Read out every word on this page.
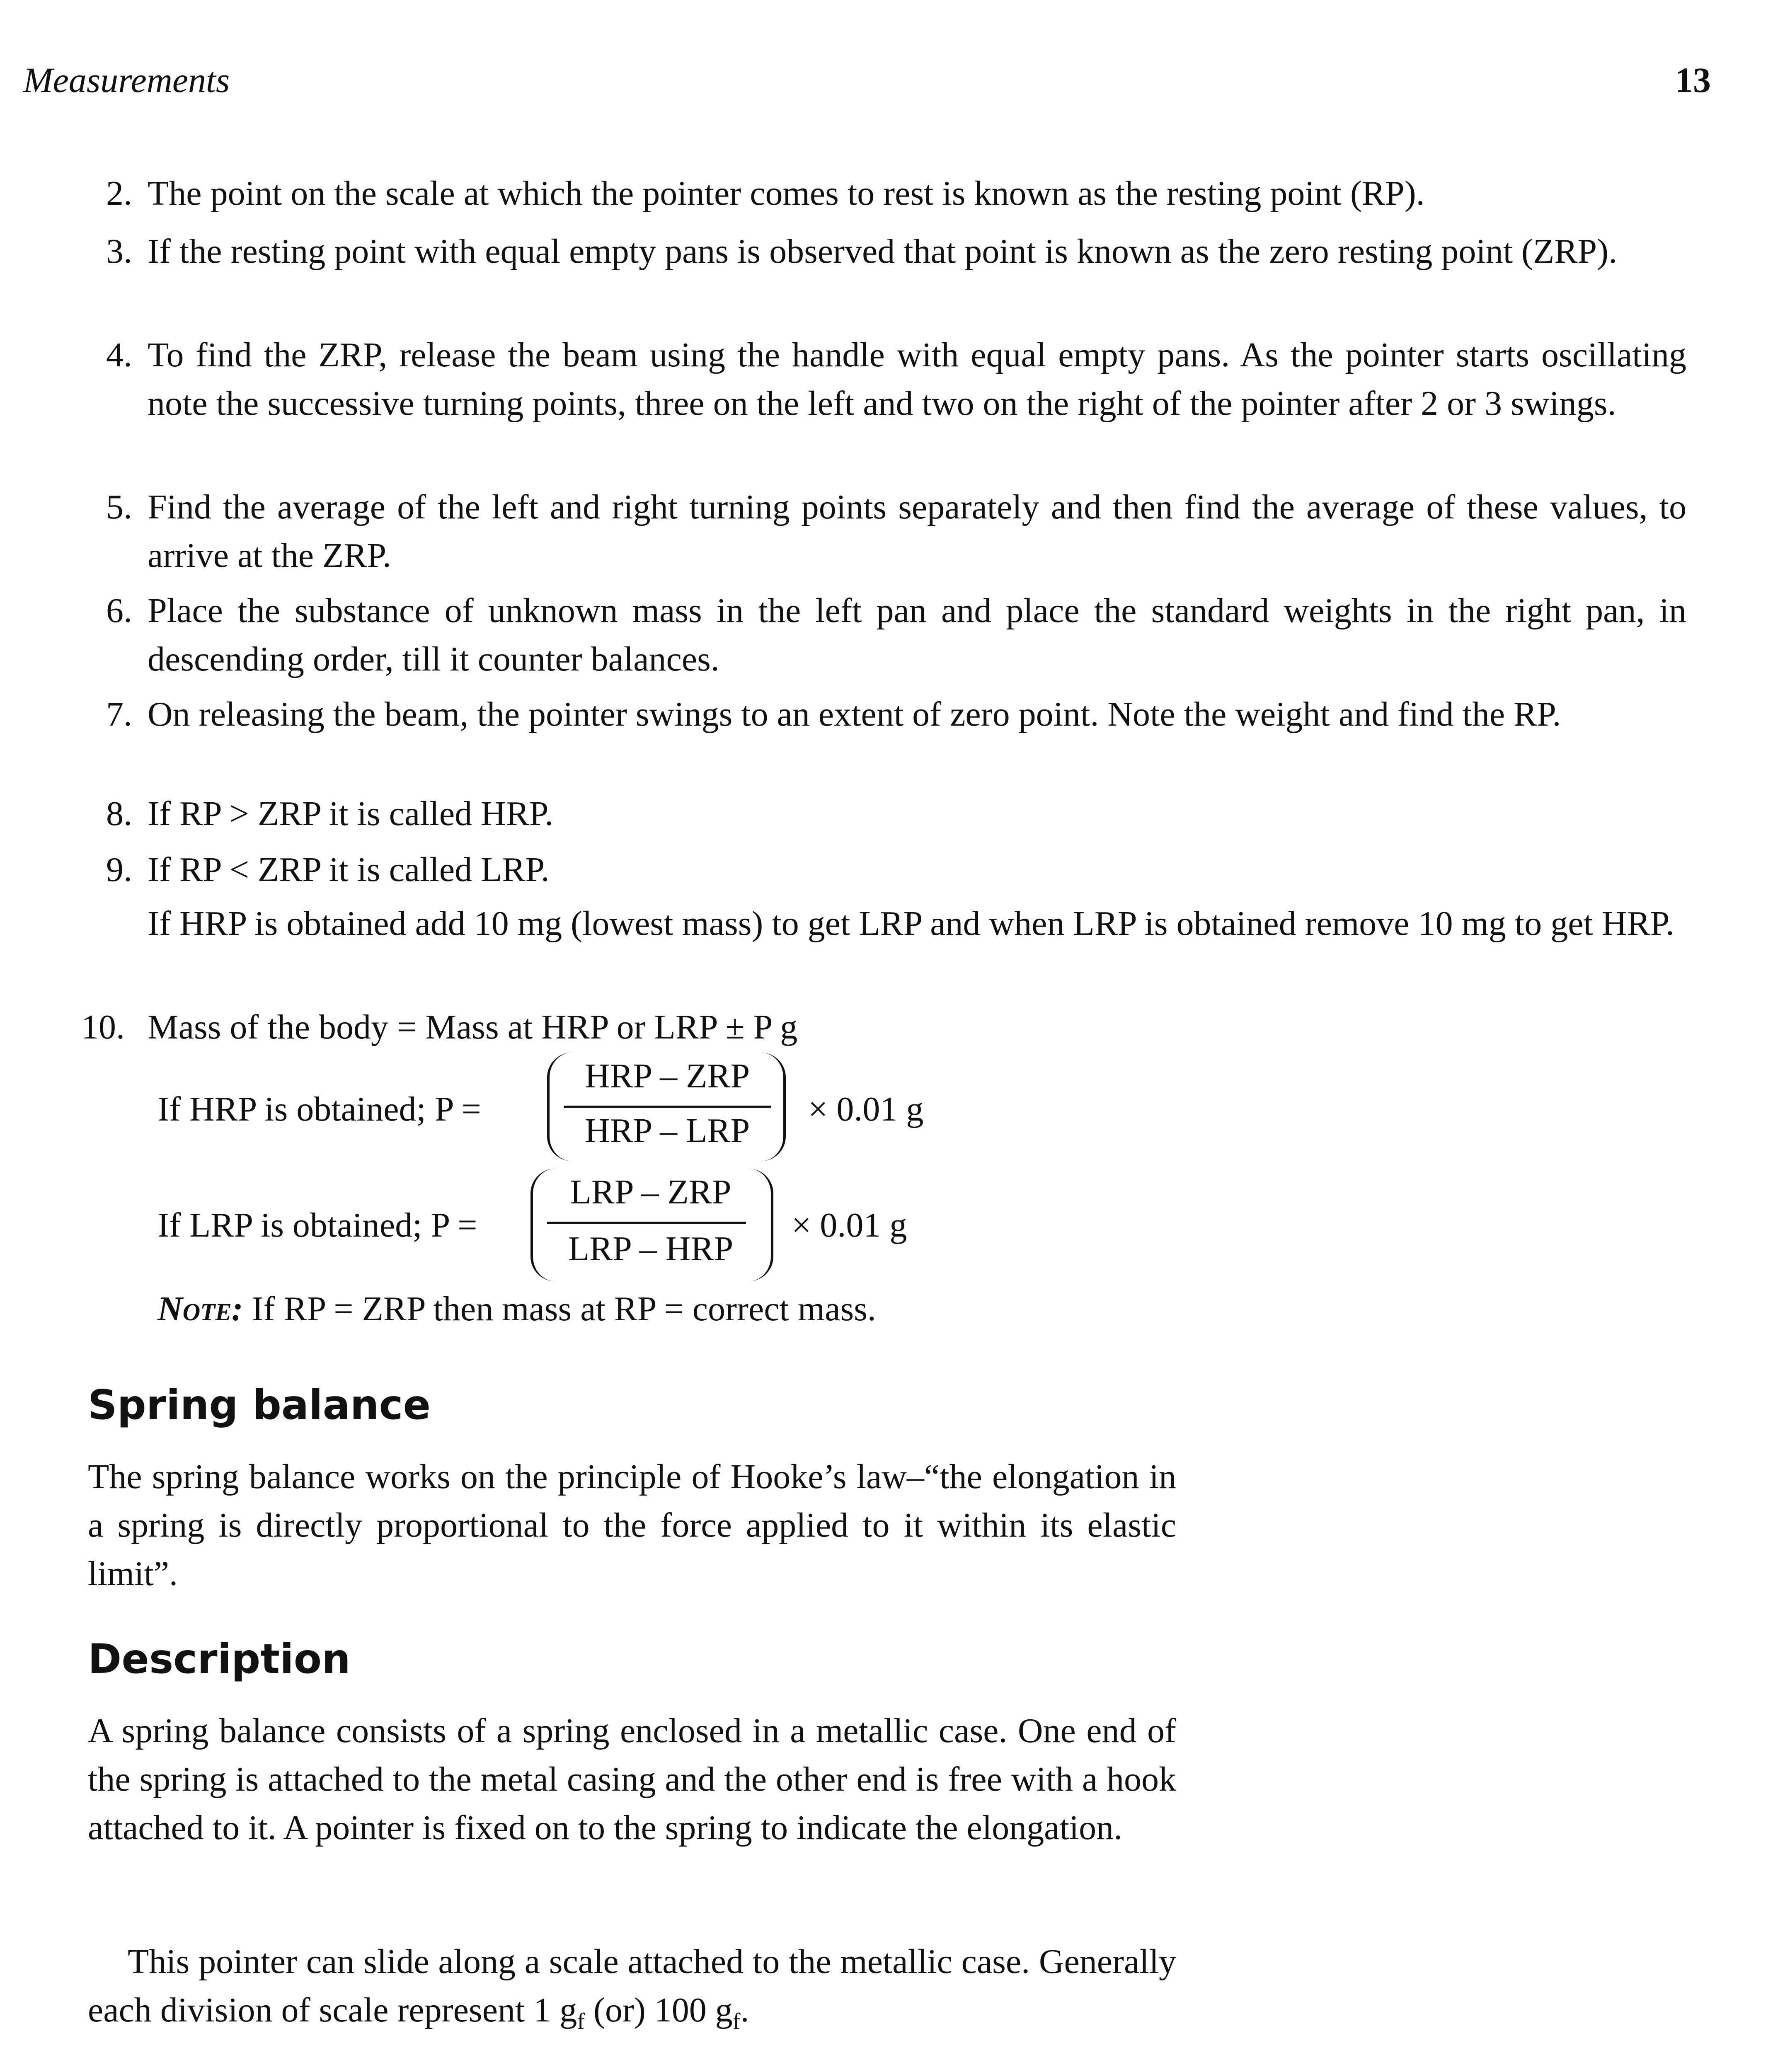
Measurements	13
2. The point on the scale at which the pointer comes to rest is known as the resting point (RP).
3. If the resting point with equal empty pans is observed that point is known as the zero resting point (ZRP).
4. To find the ZRP, release the beam using the handle with equal empty pans. As the pointer starts oscillating note the successive turning points, three on the left and two on the right of the pointer after 2 or 3 swings.
5. Find the average of the left and right turning points separately and then find the average of these values, to arrive at the ZRP.
6. Place the substance of unknown mass in the left pan and place the standard weights in the right pan, in descending order, till it counter balances.
7. On releasing the beam, the pointer swings to an extent of zero point. Note the weight and find the RP.
8. If RP > ZRP it is called HRP.
9. If RP < ZRP it is called LRP.
If HRP is obtained add 10 mg (lowest mass) to get LRP and when LRP is obtained remove 10 mg to get HRP.
10. Mass of the body = Mass at HRP or LRP ± P g
If HRP is obtained; P =
HRP – ZRP
HRP – LRP
× 0.01 g
If LRP is obtained; P =
LRP – ZRP
LRP – HRP
× 0.01 g
Note: If RP = ZRP then mass at RP = correct mass.
Spring balance

The spring balance works on the principle of Hooke’s law–“the elongation in a spring is directly proportional to the force applied to it within its elastic limit”.

Description

A spring balance consists of a spring enclosed in a metallic case. One end of the spring is attached to the metal casing and the other end is free with a hook attached to it. A pointer is fixed on to the spring to indicate the elongation.

This pointer can slide along a scale attached to the metallic case. Generally each division of scale represent 1 $g_f$ (or) 100 $g_f$.
